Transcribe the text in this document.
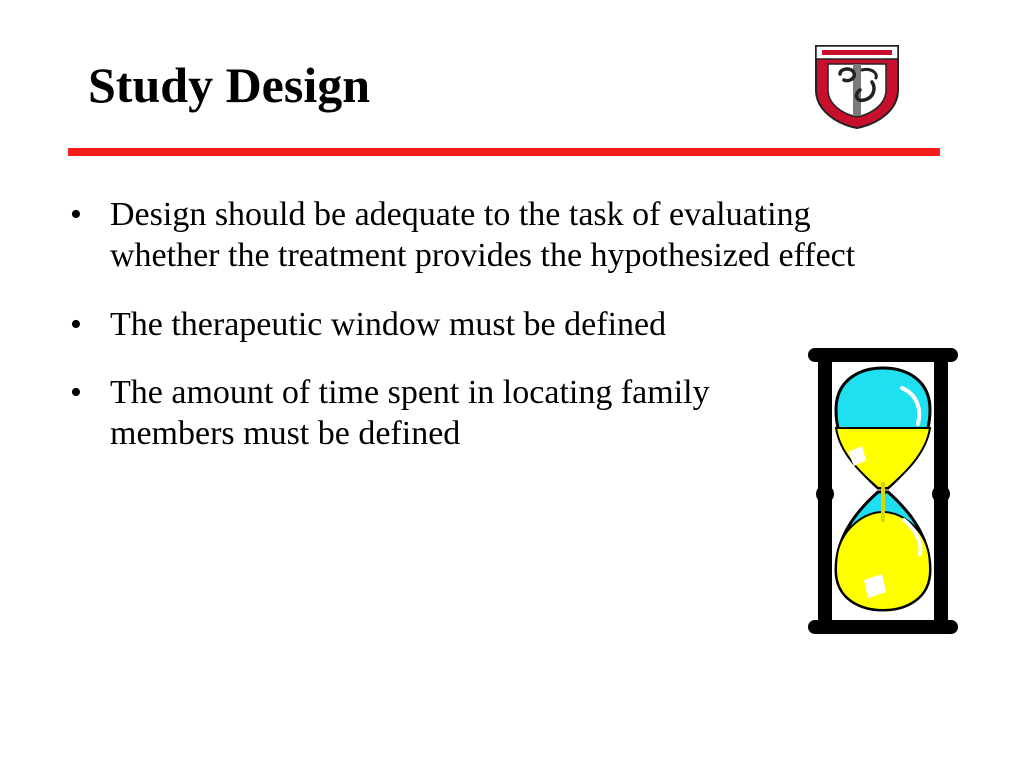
Study Design
• Design should be adequate to the task of evaluating whether the treatment provides the hypothesized effect
• The therapeutic window must be defined
• The amount of time spent in locating family members must be defined
